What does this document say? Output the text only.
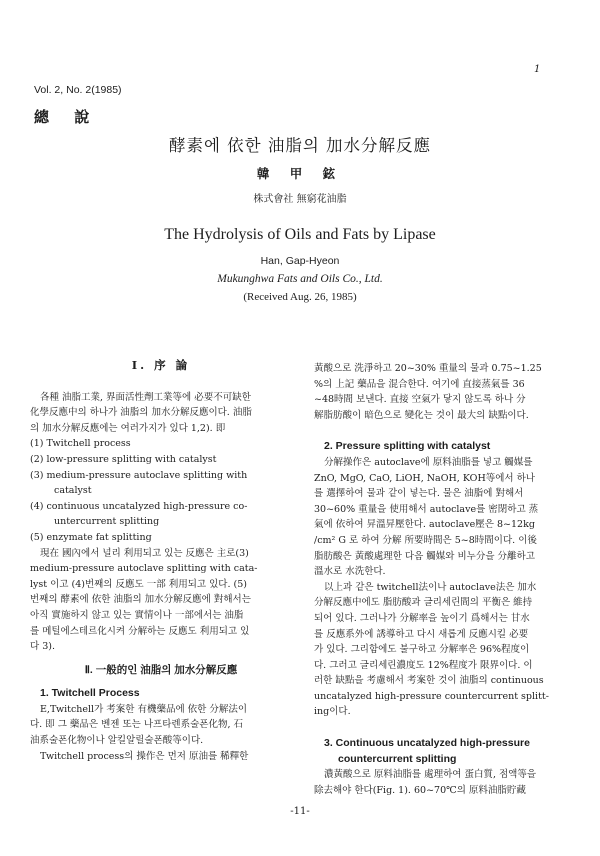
Vol. 2, No. 2(1985)
1
總 說
酵素에 依한 油脂의 加水分解反應
韓 甲 鉉
株式會社 無窮花油脂
The Hydrolysis of Oils and Fats by Lipase
Han, Gap-Hyeon
Mukunghwa Fats and Oils Co., Ltd.
(Received Aug. 26, 1985)
Ⅰ. 序 論
各種 油脂工業, 界面活性劑工業等에 必要不可缺한
化學反應中의 하나가 油脂의 加水分解反應이다. 油脂
의 加水分解反應에는 여러가지가 있다 1,2). 即
(1) Twitchell process
(2) low-pressure splitting with catalyst
(3) medium-pressure autoclave splitting with
catalyst
(4) continuous uncatalyzed high-pressure co-
untercurrent splitting
(5) enzymate fat splitting
現在 國內에서 널리 利用되고 있는 反應은 主로(3)
medium-pressure autoclave splitting with cata-
lyst 이고 (4)번째의 反應도 一部 利用되고 있다. (5)
번째의 酵素에 依한 油脂의 加水分解反應에 對해서는
아직 實施하지 않고 있는 實情이나 一部에서는 油脂
를 메틸에스테르化시켜 分解하는 反應도 利用되고 있
다 3).
Ⅱ. 一般的인 油脂의 加水分解反應
1. Twitchell Process
E,Twitchell가 考案한 有機藥品에 依한 分解法이
다. 即 그 藥品은 벤젠 또는 나프타렌系술폰化物, 石
油系술폰化物이나 알킬알릴술폰酸等이다.
Twitchell process의 操作은 먼저 原油를 稀釋한
黃酸으로 洗淨하고 20~30% 重量의 물과 0.75~1.25
%의 上記 藥品을 混合한다. 여기에 直接蒸氣를 36
~48時間 보낸다. 直接 空氣가 닿지 않도록 하나 分
解脂肪酸이 暗色으로 變化는 것이 最大의 缺點이다.
2. Pressure splitting with catalyst
分解操作은 autoclave에 原料油脂를 넣고 觸媒를
ZnO, MgO, CaO, LiOH, NaOH, KOH等에서 하나
를 選擇하여 물과 같이 넣는다. 물은 油脂에 對해서
30~60% 重量을 使用해서 autoclave를 密閉하고 蒸
氣에 依하여 昇溫昇壓한다. autoclave壓은 8~12kg
/cm² G 로 하여 分解 所要時間은 5~8時間이다. 이後
脂肪酸은 黃酸處理한 다음 觸媒와 비누分을 分離하고
溫水로 水洗한다.
以上과 같은 twitchell法이나 autoclave法은 加水
分解反應中에도 脂肪酸과 글리세린間의 平衡은 維持
되어 있다. 그러나가 分解率을 높이기 爲해서는 甘水
를 反應系外에 誘導하고 다시 새롭게 反應시킬 必要
가 있다. 그리함에도 불구하고 分解率은 96%程度이
다. 그러고 글리세린濃度도 12%程度가 限界이다. 이
러한 缺點을 考慮해서 考案한 것이 油脂의 continuous
uncatalyzed high-pressure countercurrent splitt-
ing이다.
3. Continuous uncatalyzed high-pressure
countercurrent splitting
濃黃酸으로 原料油脂를 處理하여 蛋白質, 점액等을
除去해야 한다(Fig. 1). 60~70℃의 原料油脂貯藏
-11-
